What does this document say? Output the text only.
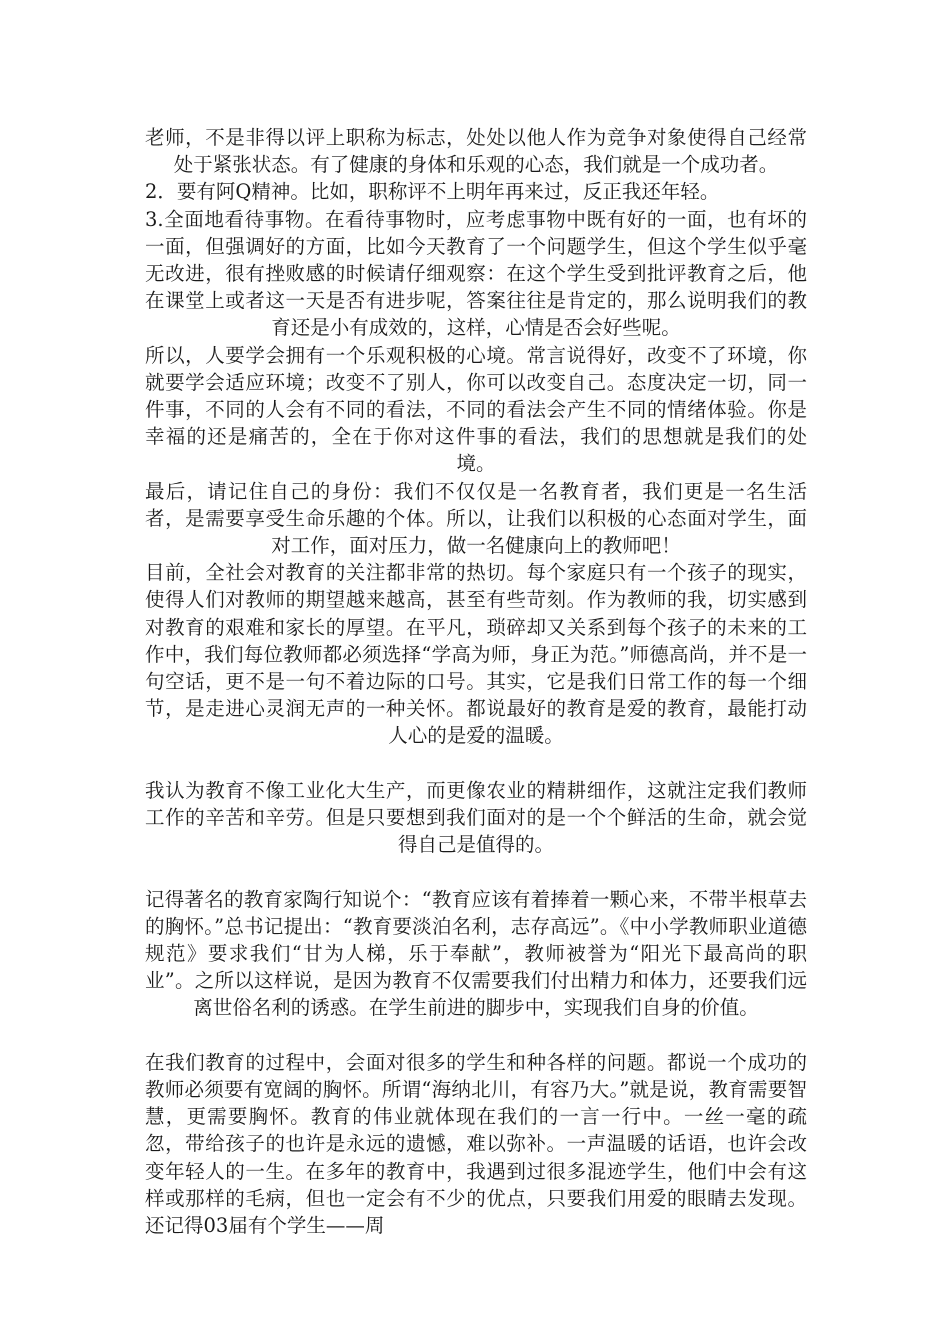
老师，不是非得以评上职称为标志，处处以他人作为竞争对象使得自己经常处于紧张状态。有了健康的身体和乐观的心态，我们就是一个成功者。

2．要有阿Q精神。比如，职称评不上明年再来过，反正我还年轻。

3.全面地看待事物。在看待事物时，应考虑事物中既有好的一面，也有坏的一面，但强调好的方面，比如今天教育了一个问题学生，但这个学生似乎毫无改进，很有挫败感的时候请仔细观察：在这个学生受到批评教育之后，他在课堂上或者这一天是否有进步呢，答案往往是肯定的，那么说明我们的教育还是小有成效的，这样，心情是否会好些呢。

所以，人要学会拥有一个乐观积极的心境。常言说得好，改变不了环境，你就要学会适应环境；改变不了别人，你可以改变自己。态度决定一切，同一件事，不同的人会有不同的看法，不同的看法会产生不同的情绪体验。你是幸福的还是痛苦的，全在于你对这件事的看法，我们的思想就是我们的处境。

最后，请记住自己的身份：我们不仅仅是一名教育者，我们更是一名生活者，是需要享受生命乐趣的个体。所以，让我们以积极的心态面对学生，面对工作，面对压力，做一名健康向上的教师吧！

目前，全社会对教育的关注都非常的热切。每个家庭只有一个孩子的现实，使得人们对教师的期望越来越高，甚至有些苛刻。作为教师的我，切实感到对教育的艰难和家长的厚望。在平凡，琐碎却又关系到每个孩子的未来的工作中，我们每位教师都必须选择“学高为师，身正为范。”师德高尚，并不是一句空话，更不是一句不着边际的口号。其实，它是我们日常工作的每一个细节，是走进心灵润无声的一种关怀。都说最好的教育是爱的教育，最能打动人心的是爱的温暖。

我认为教育不像工业化大生产，而更像农业的精耕细作，这就注定我们教师工作的辛苦和辛劳。但是只要想到我们面对的是一个个鲜活的生命，就会觉得自己是值得的。

记得著名的教育家陶行知说个：“教育应该有着捧着一颗心来，不带半根草去的胸怀。”总书记提出：“教育要淡泊名利，志存高远”。《中小学教师职业道德规范》要求我们“甘为人梯，乐于奉献”，教师被誉为“阳光下最高尚的职业”。之所以这样说，是因为教育不仅需要我们付出精力和体力，还要我们远离世俗名利的诱惑。在学生前进的脚步中，实现我们自身的价值。

在我们教育的过程中，会面对很多的学生和种各样的问题。都说一个成功的教师必须要有宽阔的胸怀。所谓“海纳北川，有容乃大。”就是说，教育需要智慧，更需要胸怀。教育的伟业就体现在我们的一言一行中。一丝一毫的疏忽，带给孩子的也许是永远的遗憾，难以弥补。一声温暖的话语，也许会改变年轻人的一生。在多年的教育中，我遇到过很多混迹学生，他们中会有这样或那样的毛病，但也一定会有不少的优点，只要我们用爱的眼睛去发现。还记得03届有个学生——周
